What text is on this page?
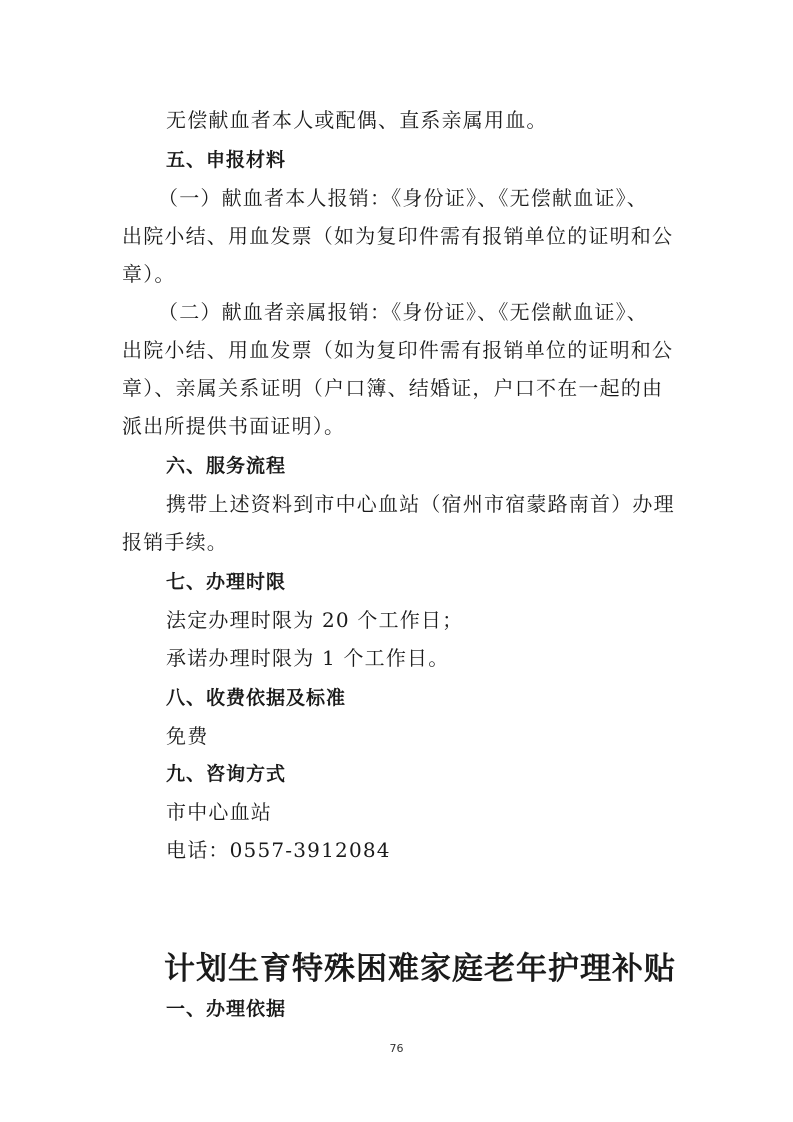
无偿献血者本人或配偶、直系亲属用血。
五、申报材料
（一）献血者本人报销：《身份证》、《无偿献血证》、
出院小结、用血发票（如为复印件需有报销单位的证明和公
章）。
（二）献血者亲属报销：《身份证》、《无偿献血证》、
出院小结、用血发票（如为复印件需有报销单位的证明和公
章）、亲属关系证明（户口簿、结婚证，户口不在一起的由
派出所提供书面证明）。
六、服务流程
携带上述资料到市中心血站（宿州市宿蒙路南首）办理
报销手续。
七、办理时限
法定办理时限为 20 个工作日；
承诺办理时限为 1 个工作日。
八、收费依据及标准
免费
九、咨询方式
市中心血站
电话：0557-3912084
计划生育特殊困难家庭老年护理补贴
一、办理依据
76
